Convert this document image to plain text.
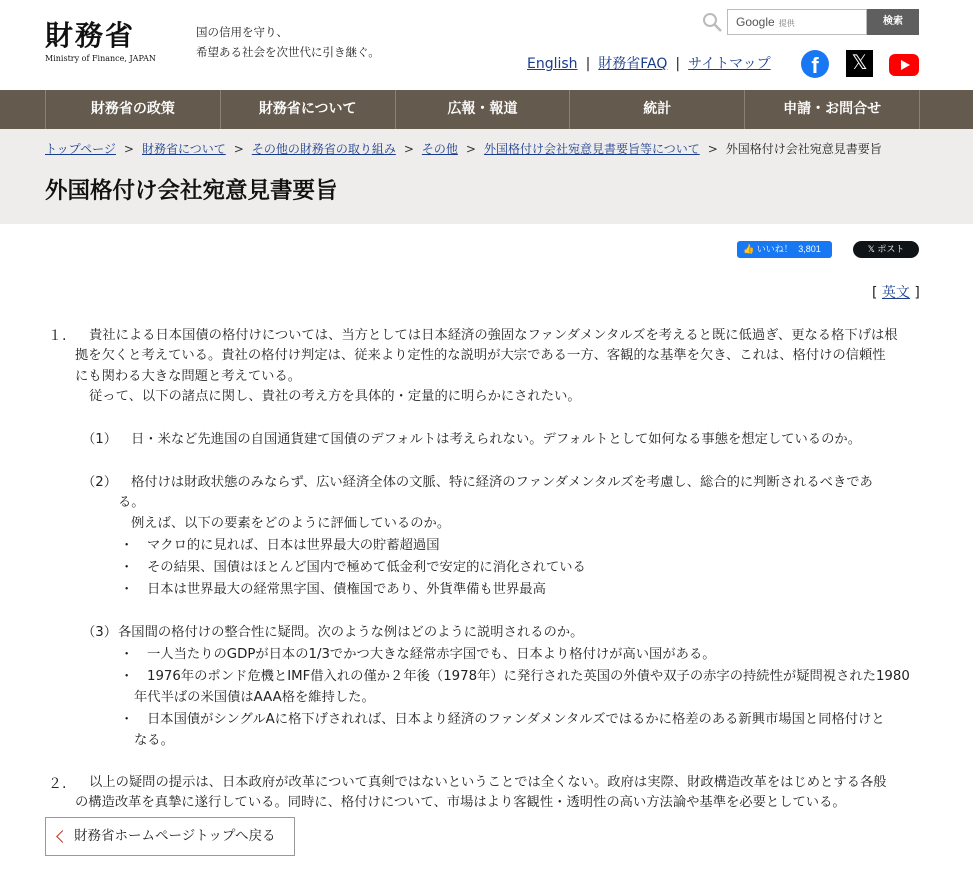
財務省
Ministry of Finance, JAPAN
国の信用を守り、
希望ある社会を次世代に引き継ぐ。
Google 提供	検索
English | 財務省FAQ | サイトマップ	f	𝕏
財務省の政策	財務省について	広報・報道	統計	申請・お問合せ
トップページ > 財務省について > その他の財務省の取り組み > その他 > 外国格付け会社宛意見書要旨等について > 外国格付け会社宛意見書要旨
外国格付け会社宛意見書要旨
👍 いいね！ 3,801	𝕏 ポスト
[ 英文 ]
１. 貴社による日本国債の格付けについては、当方としては日本経済の強固なファンダメンタルズを考えると既に低過ぎ、更なる格下げは根
拠を欠くと考えている。貴社の格付け判定は、従来より定性的な説明が大宗である一方、客観的な基準を欠き、これは、格付けの信頼性
にも関わる大きな問題と考えている。
従って、以下の諸点に関し、貴社の考え方を具体的・定量的に明らかにされたい。
（1） 日・米など先進国の自国通貨建て国債のデフォルトは考えられない。デフォルトとして如何なる事態を想定しているのか。
（2） 格付けは財政状態のみならず、広い経済全体の文脈、特に経済のファンダメンタルズを考慮し、総合的に判断されるべきであ
る。
例えば、以下の要素をどのように評価しているのか。
・ マクロ的に見れば、日本は世界最大の貯蓄超過国
・ その結果、国債はほとんど国内で極めて低金利で安定的に消化されている
・ 日本は世界最大の経常黒字国、債権国であり、外貨準備も世界最高
（3） 各国間の格付けの整合性に疑問。次のような例はどのように説明されるのか。
・ 一人当たりのGDPが日本の1/3でかつ大きな経常赤字国でも、日本より格付けが高い国がある。
・ 1976年のポンド危機とIMF借入れの僅か２年後（1978年）に発行された英国の外債や双子の赤字の持続性が疑問視された1980
年代半ばの米国債はAAA格を維持した。
・ 日本国債がシングルAに格下げされれば、日本より経済のファンダメンタルズではるかに格差のある新興市場国と同格付けと
なる。
２. 以上の疑問の提示は、日本政府が改革について真剣ではないということでは全くない。政府は実際、財政構造改革をはじめとする各般
の構造改革を真摯に遂行している。同時に、格付けについて、市場はより客観性・透明性の高い方法論や基準を必要としている。
財務省ホームページトップへ戻る
